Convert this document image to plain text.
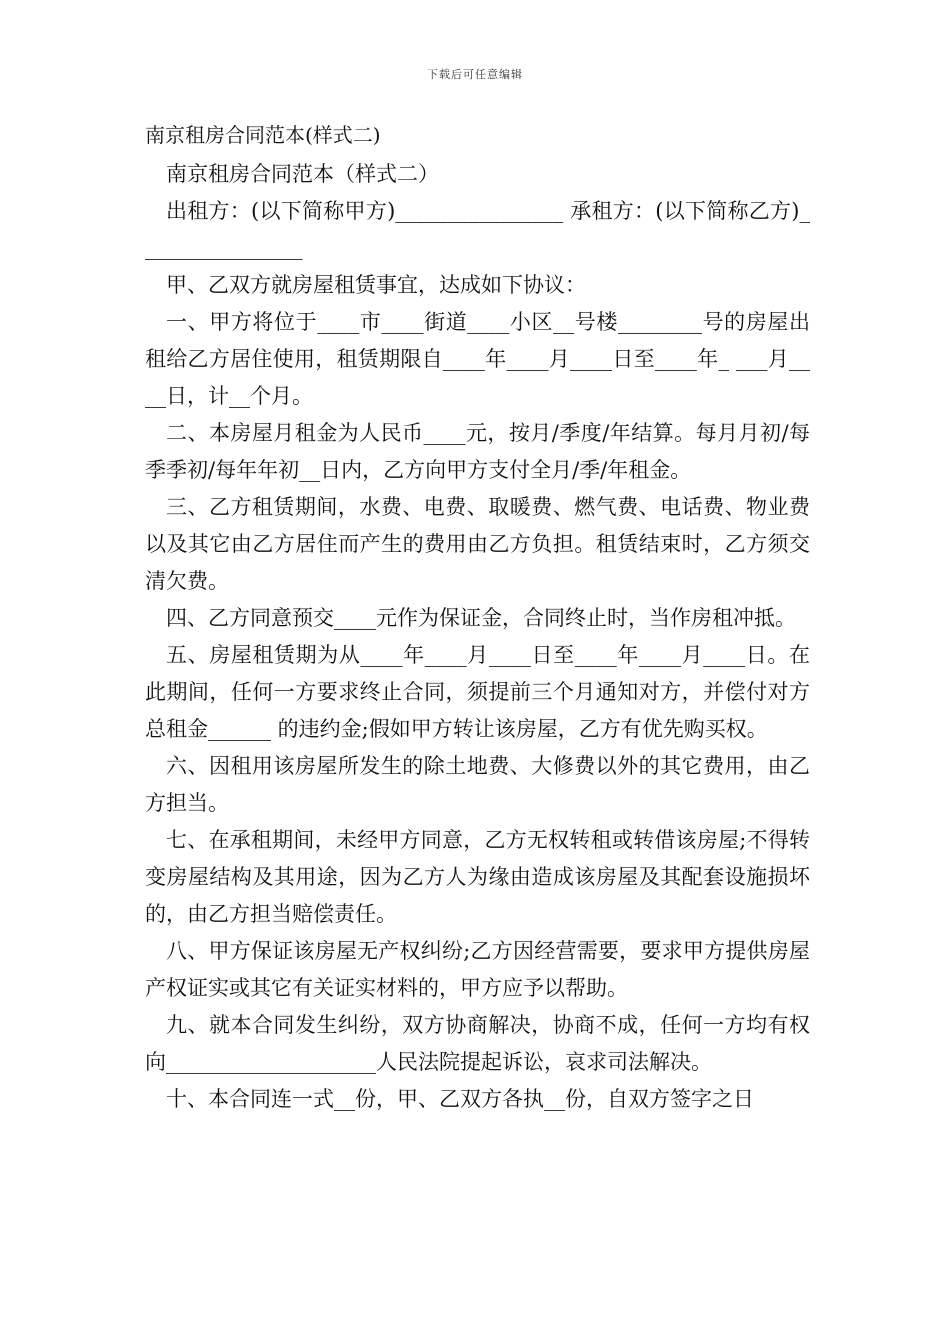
下载后可任意编辑

南京租房合同范本(样式二)

南京租房合同范本（样式二）

出租方：(以下简称甲方)________________ 承租方：(以下简称乙方)________________

甲、乙双方就房屋租赁事宜，达成如下协议：

一、甲方将位于____市____街道____小区__号楼________号的房屋出租给乙方居住使用，租赁期限自____年____月____日至____年_ ___月____日，计__个月。

二、本房屋月租金为人民币____元，按月/季度/年结算。每月月初/每季季初/每年年初__日内，乙方向甲方支付全月/季/年租金。

三、乙方租赁期间，水费、电费、取暖费、燃气费、电话费、物业费以及其它由乙方居住而产生的费用由乙方负担。租赁结束时，乙方须交清欠费。

四、乙方同意预交____元作为保证金，合同终止时，当作房租冲抵。

五、房屋租赁期为从____年____月____日至____年____月____日。在此期间，任何一方要求终止合同，须提前三个月通知对方，并偿付对方总租金______ 的违约金;假如甲方转让该房屋，乙方有优先购买权。

六、因租用该房屋所发生的除土地费、大修费以外的其它费用，由乙方担当。

七、在承租期间，未经甲方同意，乙方无权转租或转借该房屋;不得转变房屋结构及其用途，因为乙方人为缘由造成该房屋及其配套设施损坏的，由乙方担当赔偿责任。

八、甲方保证该房屋无产权纠纷;乙方因经营需要，要求甲方提供房屋产权证实或其它有关证实材料的，甲方应予以帮助。

九、就本合同发生纠纷，双方协商解决，协商不成，任何一方均有权向____________________人民法院提起诉讼，哀求司法解决。

十、本合同连一式__份，甲、乙双方各执__份，自双方签字之日
